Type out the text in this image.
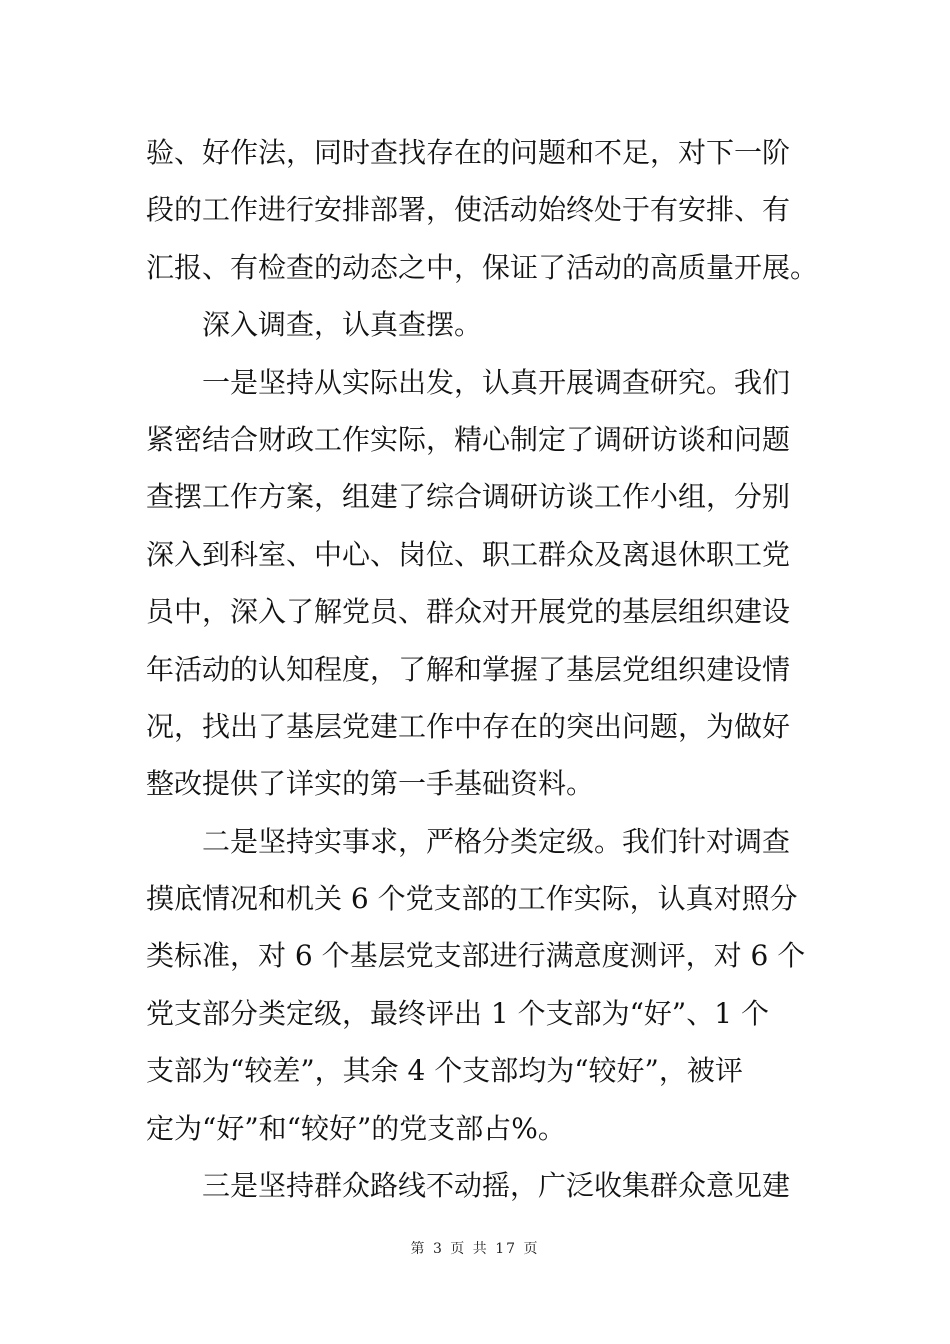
验、好作法，同时查找存在的问题和不足，对下一阶
段的工作进行安排部署，使活动始终处于有安排、有
汇报、有检查的动态之中，保证了活动的高质量开展。
深入调查，认真查摆。
一是坚持从实际出发，认真开展调查研究。我们
紧密结合财政工作实际，精心制定了调研访谈和问题
查摆工作方案，组建了综合调研访谈工作小组，分别
深入到科室、中心、岗位、职工群众及离退休职工党
员中，深入了解党员、群众对开展党的基层组织建设
年活动的认知程度，了解和掌握了基层党组织建设情
况，找出了基层党建工作中存在的突出问题，为做好
整改提供了详实的第一手基础资料。
二是坚持实事求，严格分类定级。我们针对调查
摸底情况和机关 6 个党支部的工作实际，认真对照分
类标准，对 6 个基层党支部进行满意度测评，对 6 个
党支部分类定级，最终评出 1 个支部为“好”、1 个
支部为“较差”，其余 4 个支部均为“较好”，被评
定为“好”和“较好”的党支部占%。
三是坚持群众路线不动摇，广泛收集群众意见建
第 3 页 共 17 页
